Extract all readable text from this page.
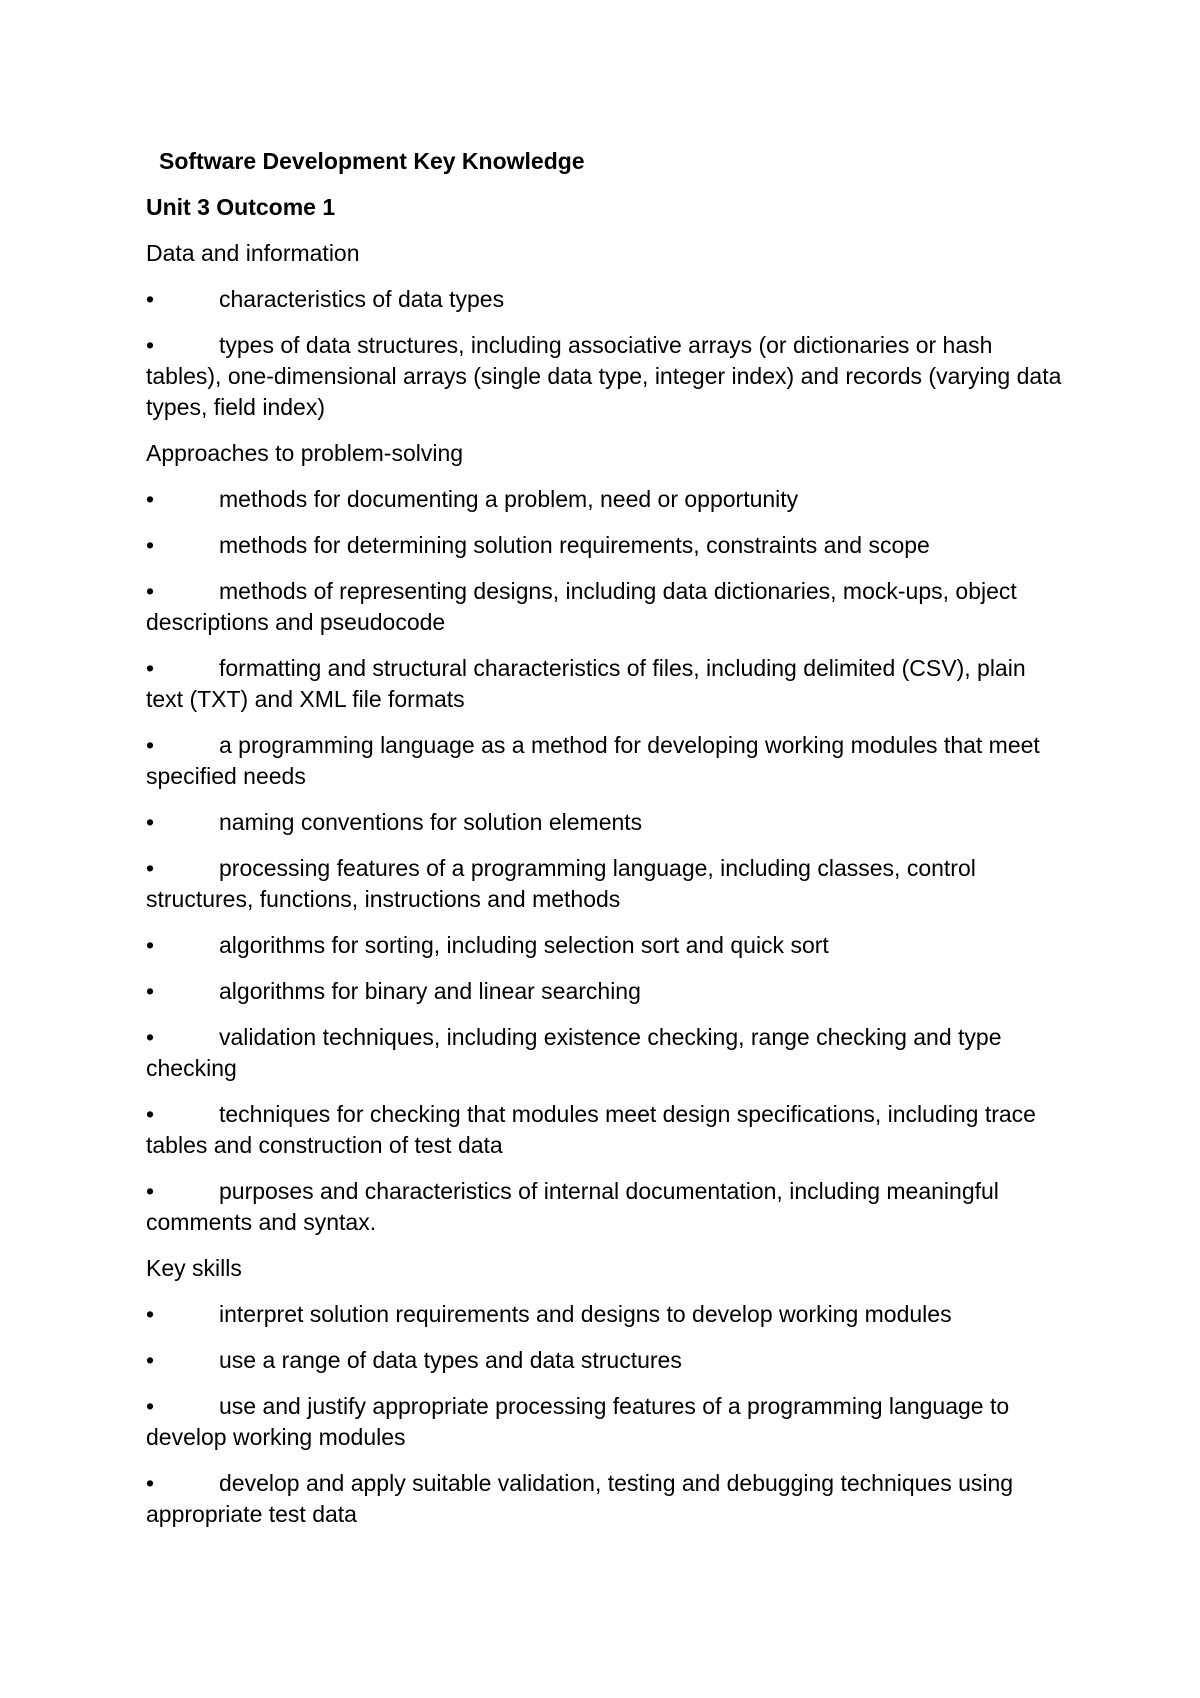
Software Development Key Knowledge
Unit 3 Outcome 1
Data and information
•	characteristics of data types
•	types of data structures, including associative arrays (or dictionaries or hash tables), one-dimensional arrays (single data type, integer index) and records (varying data types, field index)
Approaches to problem-solving
•	methods for documenting a problem, need or opportunity
•	methods for determining solution requirements, constraints and scope
•	methods of representing designs, including data dictionaries, mock-ups, object descriptions and pseudocode
•	formatting and structural characteristics of files, including delimited (CSV), plain text (TXT) and XML file formats
•	a programming language as a method for developing working modules that meet specified needs
•	naming conventions for solution elements
•	processing features of a programming language, including classes, control structures, functions, instructions and methods
•	algorithms for sorting, including selection sort and quick sort
•	algorithms for binary and linear searching
•	validation techniques, including existence checking, range checking and type checking
•	techniques for checking that modules meet design specifications, including trace tables and construction of test data
•	purposes and characteristics of internal documentation, including meaningful comments and syntax.
Key skills
•	interpret solution requirements and designs to develop working modules
•	use a range of data types and data structures
•	use and justify appropriate processing features of a programming language to develop working modules
•	develop and apply suitable validation, testing and debugging techniques using appropriate test data
